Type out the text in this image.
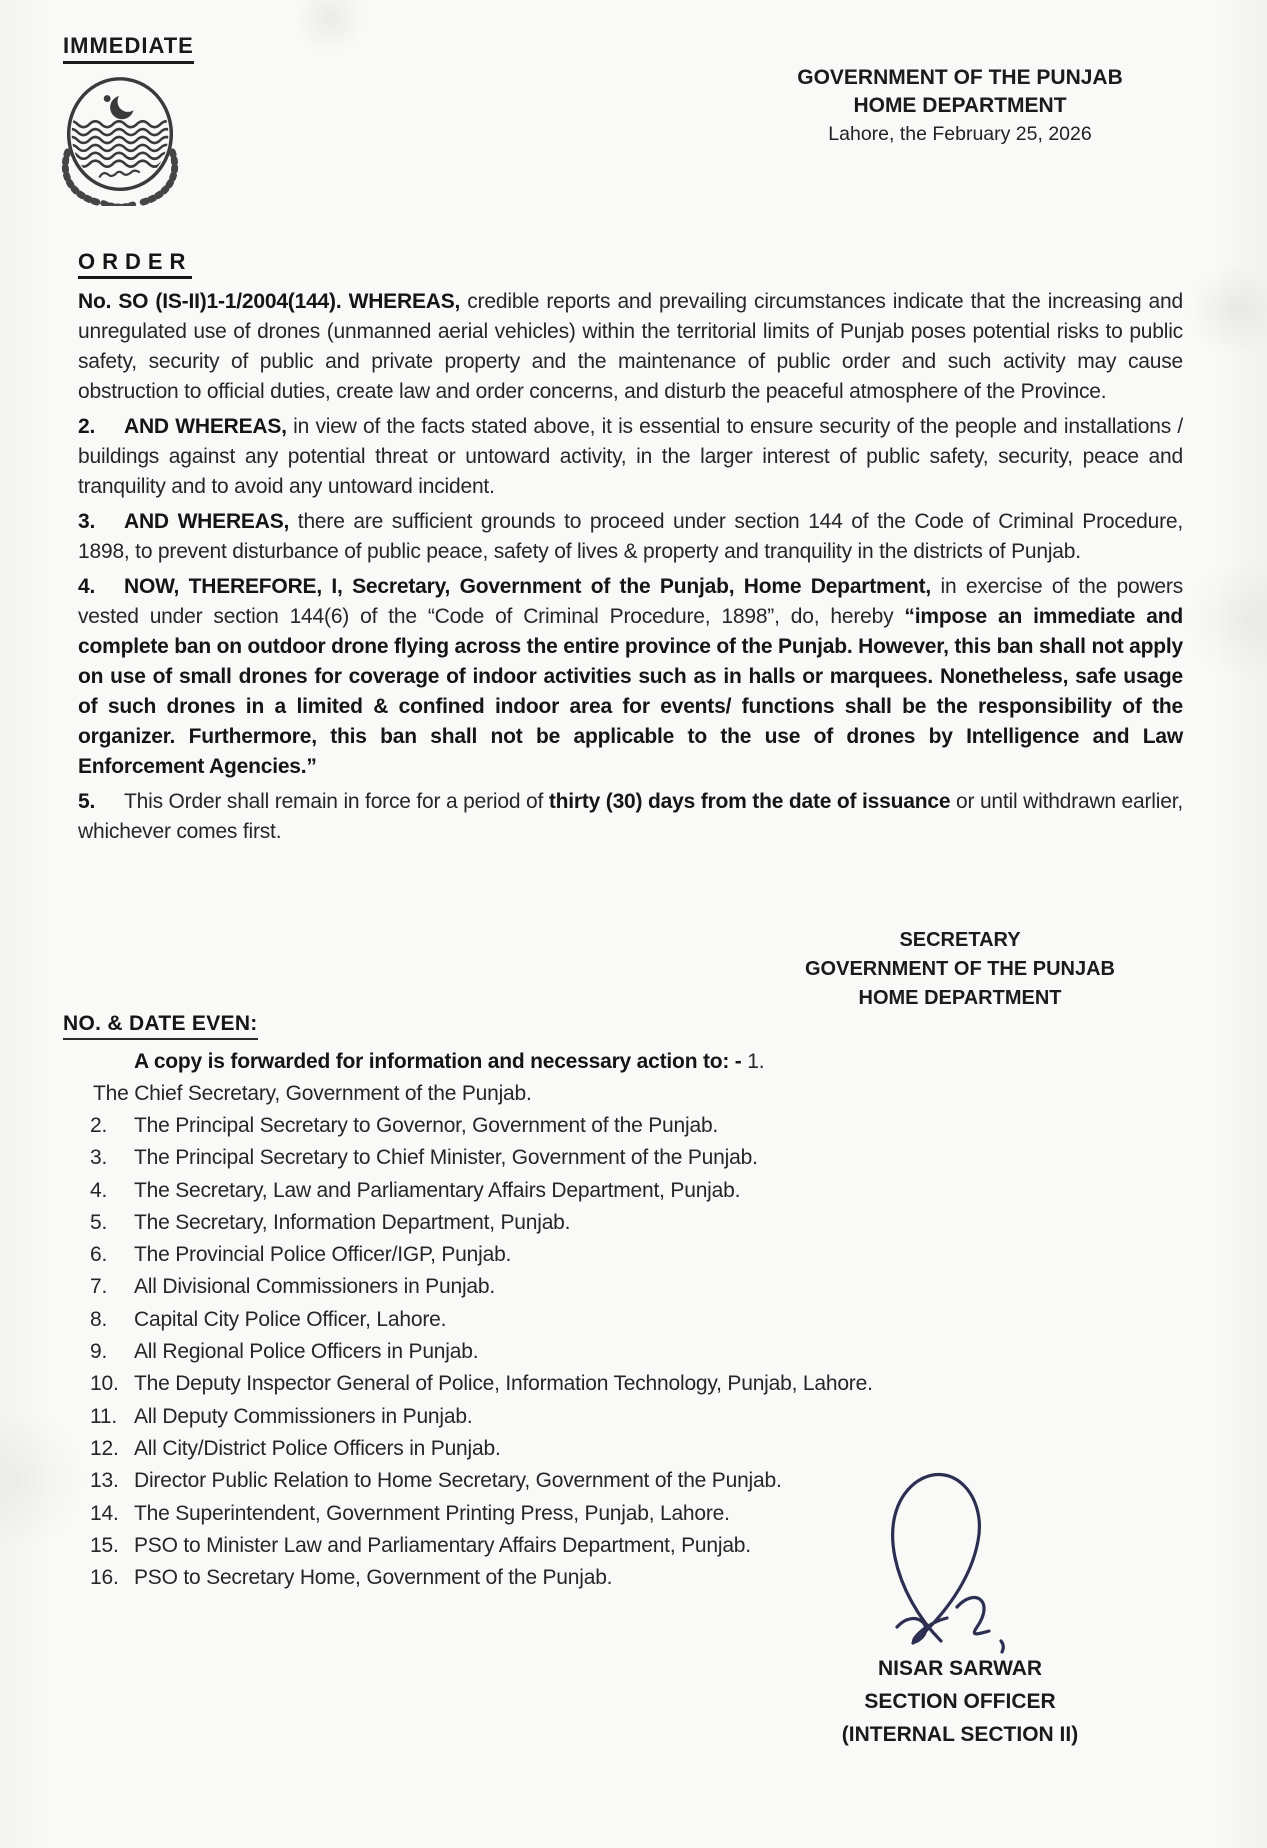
IMMEDIATE
GOVERNMENT OF THE PUNJAB
HOME DEPARTMENT
Lahore, the February 25, 2026
ORDER

No. SO (IS-II)1-1/2004(144). WHEREAS, credible reports and prevailing circumstances indicate that the increasing and unregulated use of drones (unmanned aerial vehicles) within the territorial limits of Punjab poses potential risks to public safety, security of public and private property and the maintenance of public order and such activity may cause obstruction to official duties, create law and order concerns, and disturb the peaceful atmosphere of the Province.

2. AND WHEREAS, in view of the facts stated above, it is essential to ensure security of the people and installations / buildings against any potential threat or untoward activity, in the larger interest of public safety, security, peace and tranquility and to avoid any untoward incident.

3. AND WHEREAS, there are sufficient grounds to proceed under section 144 of the Code of Criminal Procedure, 1898, to prevent disturbance of public peace, safety of lives & property and tranquility in the districts of Punjab.

4. NOW, THEREFORE, I, Secretary, Government of the Punjab, Home Department, in exercise of the powers vested under section 144(6) of the “Code of Criminal Procedure, 1898”, do, hereby “impose an immediate and complete ban on outdoor drone flying across the entire province of the Punjab. However, this ban shall not apply on use of small drones for coverage of indoor activities such as in halls or marquees. Nonetheless, safe usage of such drones in a limited & confined indoor area for events/ functions shall be the responsibility of the organizer. Furthermore, this ban shall not be applicable to the use of drones by Intelligence and Law Enforcement Agencies.”

5. This Order shall remain in force for a period of thirty (30) days from the date of issuance or until withdrawn earlier, whichever comes first.

SECRETARY
GOVERNMENT OF THE PUNJAB
HOME DEPARTMENT
NO. & DATE EVEN:
A copy is forwarded for information and necessary action to: - 1.
The Chief Secretary, Government of the Punjab.
2. The Principal Secretary to Governor, Government of the Punjab.
3. The Principal Secretary to Chief Minister, Government of the Punjab.
4. The Secretary, Law and Parliamentary Affairs Department, Punjab.
5. The Secretary, Information Department, Punjab.
6. The Provincial Police Officer/IGP, Punjab.
7. All Divisional Commissioners in Punjab.
8. Capital City Police Officer, Lahore.
9. All Regional Police Officers in Punjab.
10. The Deputy Inspector General of Police, Information Technology, Punjab, Lahore.
11. All Deputy Commissioners in Punjab.
12. All City/District Police Officers in Punjab.
13. Director Public Relation to Home Secretary, Government of the Punjab.
14. The Superintendent, Government Printing Press, Punjab, Lahore.
15. PSO to Minister Law and Parliamentary Affairs Department, Punjab.
16. PSO to Secretary Home, Government of the Punjab.
NISAR SARWAR
SECTION OFFICER
(INTERNAL SECTION II)
